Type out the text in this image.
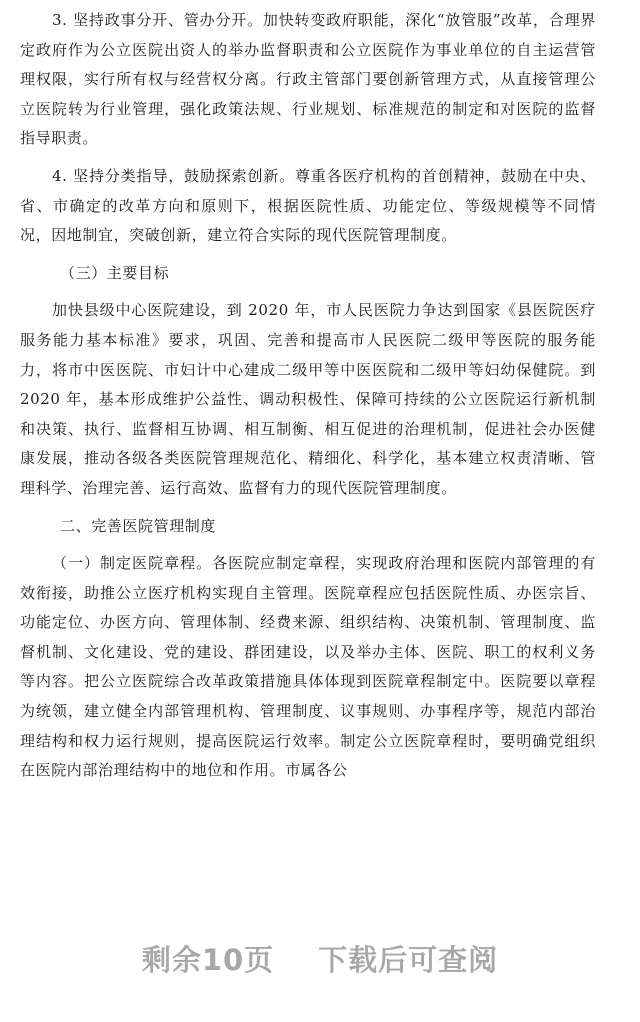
3. 坚持政事分开、管办分开。加快转变政府职能，深化“放管服”改革，合理界定政府作为公立医院出资人的举办监督职责和公立医院作为事业单位的自主运营管理权限，实行所有权与经营权分离。行政主管部门要创新管理方式，从直接管理公立医院转为行业管理，强化政策法规、行业规划、标准规范的制定和对医院的监督指导职责。

4. 坚持分类指导，鼓励探索创新。尊重各医疗机构的首创精神，鼓励在中央、省、市确定的改革方向和原则下，根据医院性质、功能定位、等级规模等不同情况，因地制宜，突破创新，建立符合实际的现代医院管理制度。

（三）主要目标

加快县级中心医院建设，到 2020 年，市人民医院力争达到国家《县医院医疗服务能力基本标准》要求，巩固、完善和提高市人民医院二级甲等医院的服务能力，将市中医医院、市妇计中心建成二级甲等中医医院和二级甲等妇幼保健院。到 2020 年，基本形成维护公益性、调动积极性、保障可持续的公立医院运行新机制和决策、执行、监督相互协调、相互制衡、相互促进的治理机制，促进社会办医健康发展，推动各级各类医院管理规范化、精细化、科学化，基本建立权责清晰、管理科学、治理完善、运行高效、监督有力的现代医院管理制度。

二、完善医院管理制度

（一）制定医院章程。各医院应制定章程，实现政府治理和医院内部管理的有效衔接，助推公立医疗机构实现自主管理。医院章程应包括医院性质、办医宗旨、功能定位、办医方向、管理体制、经费来源、组织结构、决策机制、管理制度、监督机制、文化建设、党的建设、群团建设，以及举办主体、医院、职工的权利义务等内容。把公立医院综合改革政策措施具体体现到医院章程制定中。医院要以章程为统领，建立健全内部管理机构、管理制度、议事规则、办事程序等，规范内部治理结构和权力运行规则，提高医院运行效率。制定公立医院章程时，要明确党组织在医院内部治理结构中的地位和作用。市属各公

剩余10页 下载后可查阅
